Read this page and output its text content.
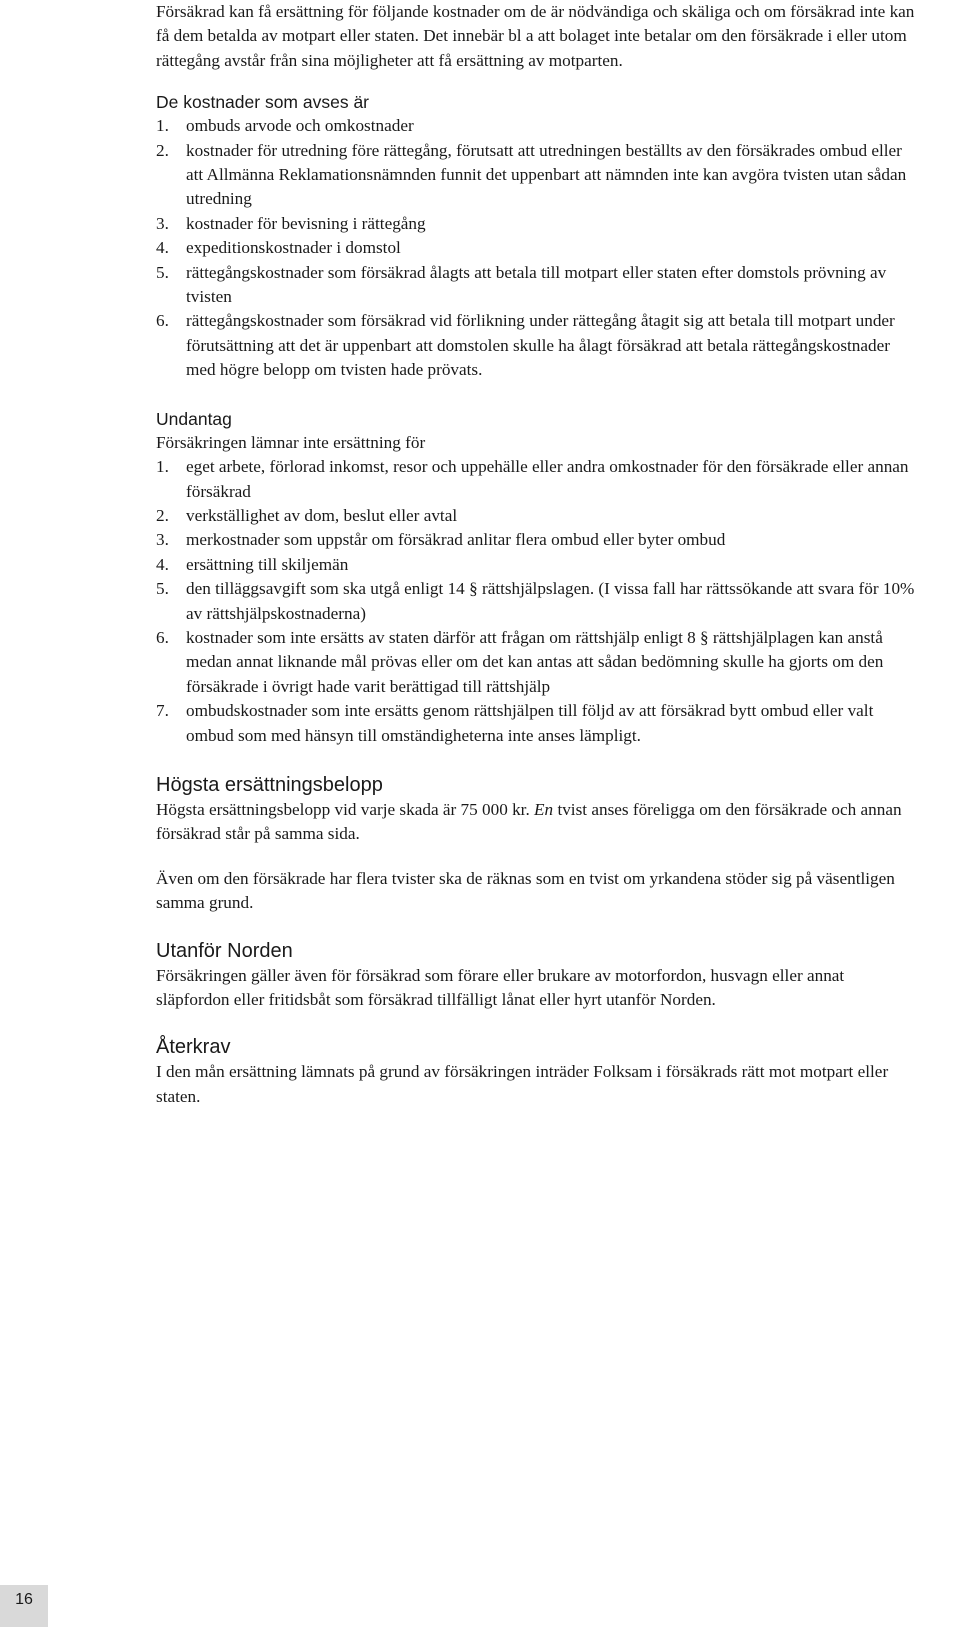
Försäkrad kan få ersättning för följande kostnader om de är nödvändiga och skäliga och om försäkrad inte kan få dem betalda av motpart eller staten. Det innebär bl a att bolaget inte betalar om den försäkrade i eller utom rättegång avstår från sina möjligheter att få ersättning av motparten.

De kostnader som avses är
1. ombuds arvode och omkostnader
2. kostnader för utredning före rättegång, förutsatt att utredningen beställts av den försäkrades ombud eller att Allmänna Reklamationsnämnden funnit det uppenbart att nämnden inte kan avgöra tvisten utan sådan utredning
3. kostnader för bevisning i rättegång
4. expeditionskostnader i domstol
5. rättegångskostnader som försäkrad ålagts att betala till motpart eller staten efter domstols prövning av tvisten
6. rättegångskostnader som försäkrad vid förlikning under rättegång åtagit sig att betala till motpart under förutsättning att det är uppenbart att domstolen skulle ha ålagt försäkrad att betala rättegångskostnader med högre belopp om tvisten hade prövats.
Undantag

Försäkringen lämnar inte ersättning för

1. eget arbete, förlorad inkomst, resor och uppehälle eller andra omkostnader för den försäkrade eller annan försäkrad
2. verkställighet av dom, beslut eller avtal
3. merkostnader som uppstår om försäkrad anlitar flera ombud eller byter ombud
4. ersättning till skiljemän
5. den tilläggsavgift som ska utgå enligt 14 § rättshjälpslagen. (I vissa fall har rättssökande att svara för 10% av rättshjälpskostnaderna)
6. kostnader som inte ersätts av staten därför att frågan om rättshjälp enligt 8 § rättshjälplagen kan anstå medan annat liknande mål prövas eller om det kan antas att sådan bedömning skulle ha gjorts om den försäkrade i övrigt hade varit berättigad till rättshjälp
7. ombudskostnader som inte ersätts genom rättshjälpen till följd av att försäkrad bytt ombud eller valt ombud som med hänsyn till omständigheterna inte anses lämpligt.
Högsta ersättningsbelopp

Högsta ersättningsbelopp vid varje skada är 75 000 kr. En tvist anses föreligga om den försäkrade och annan försäkrad står på samma sida.

Även om den försäkrade har flera tvister ska de räknas som en tvist om yrkandena stöder sig på väsentligen samma grund.

Utanför Norden

Försäkringen gäller även för försäkrad som förare eller brukare av motorfordon, husvagn eller annat släpfordon eller fritidsbåt som försäkrad tillfälligt lånat eller hyrt utanför Norden.

Återkrav

I den mån ersättning lämnats på grund av försäkringen inträder Folksam i försäkrads rätt mot motpart eller staten.

16
